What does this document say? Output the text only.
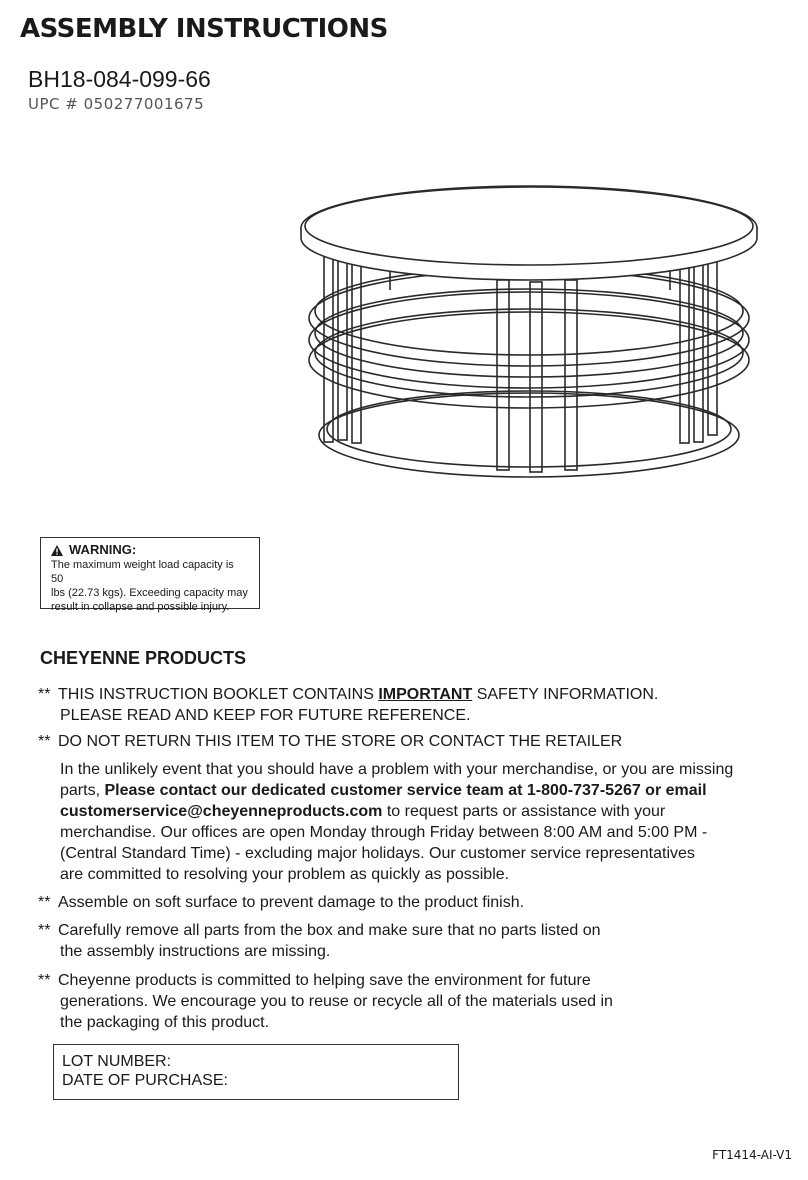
ASSEMBLY INSTRUCTIONS
BH18-084-099-66
UPC # 050277001675
WARNING:
The maximum weight load capacity is 50
lbs (22.73 kgs). Exceeding capacity may
result in collapse and possible injury.
CHEYENNE PRODUCTS
** THIS INSTRUCTION BOOKLET CONTAINS IMPORTANT SAFETY INFORMATION.
PLEASE READ AND KEEP FOR FUTURE REFERENCE.
** DO NOT RETURN THIS ITEM TO THE STORE OR CONTACT THE RETAILER
In the unlikely event that you should have a problem with your merchandise, or you are missing
parts, Please contact our dedicated customer service team at 1-800-737-5267 or email
customerservice@cheyenneproducts.com to request parts or assistance with your
merchandise. Our offices are open Monday through Friday between 8:00 AM and 5:00 PM -
(Central Standard Time) - excluding major holidays. Our customer service representatives
are committed to resolving your problem as quickly as possible.
** Assemble on soft surface to prevent damage to the product finish.
** Carefully remove all parts from the box and make sure that no parts listed on
the assembly instructions are missing.
** Cheyenne products is committed to helping save the environment for future
generations. We encourage you to reuse or recycle all of the materials used in
the packaging of this product.
LOT NUMBER:
DATE OF PURCHASE:
FT1414-AI-V1
